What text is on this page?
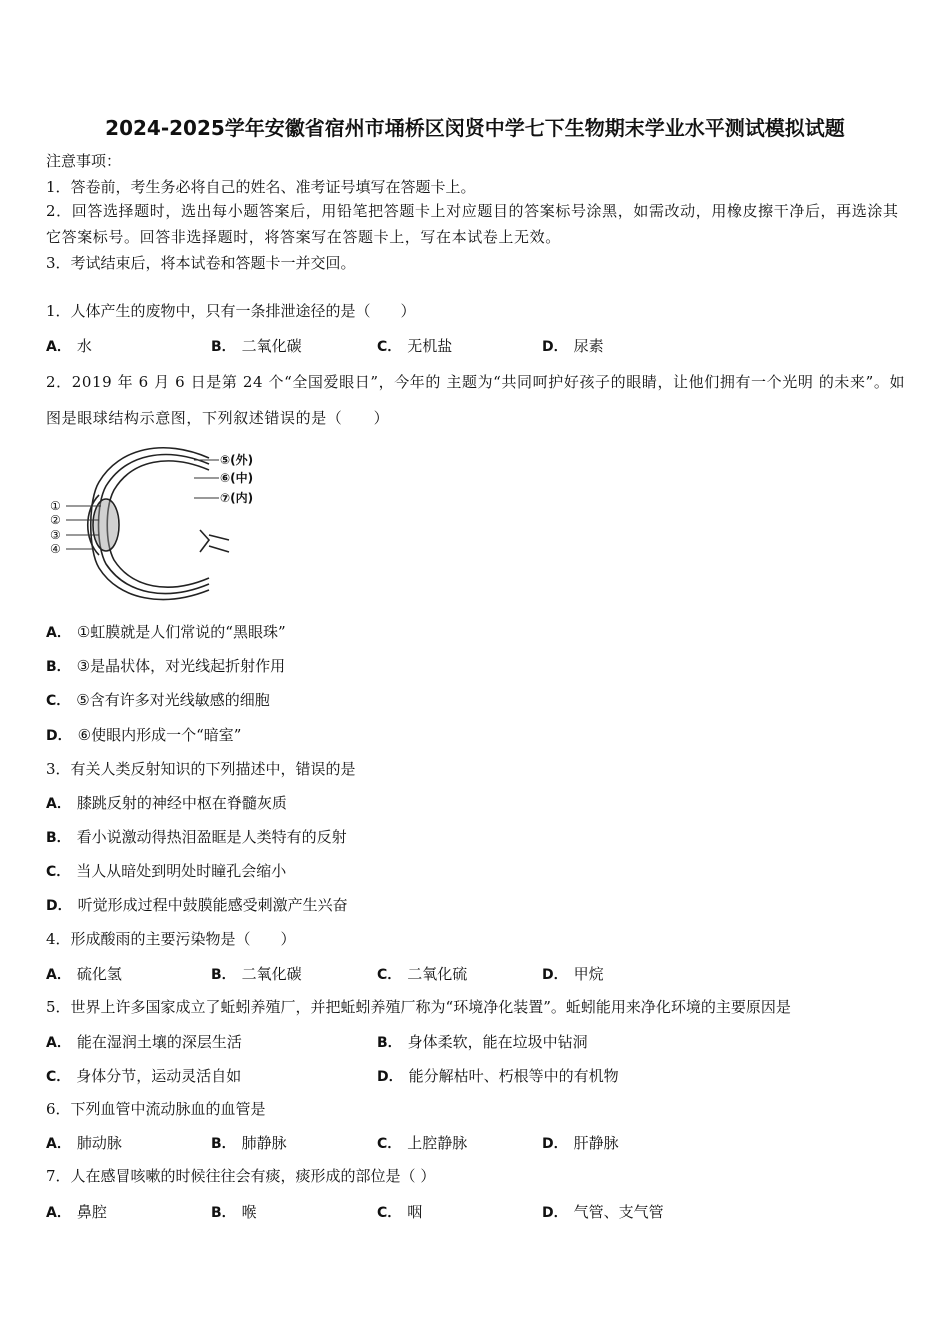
2024-2025学年安徽省宿州市埇桥区闵贤中学七下生物期末学业水平测试模拟试题
注意事项：
1．答卷前，考生务必将自己的姓名、准考证号填写在答题卡上。
2．回答选择题时，选出每小题答案后，用铅笔把答题卡上对应题目的答案标号涂黑，如需改动，用橡皮擦干净后，再选涂其它答案标号。回答非选择题时，将答案写在答题卡上，写在本试卷上无效。
3．考试结束后，将本试卷和答题卡一并交回。
1．人体产生的废物中，只有一条排泄途径的是（　　）
A． 水	B． 二氧化碳	C． 无机盐	D． 尿素
2．2019 年 6 月 6 日是第 24 个“全国爱眼日”，今年的 主题为“共同呵护好孩子的眼睛，让他们拥有一个光明 的未来”。如图是眼球结构示意图，下列叙述错误的是（　　）
①
②
③
④
⑤(外)
⑥(中)
⑦(内)
A． ①虹膜就是人们常说的“黑眼珠”
B． ③是晶状体，对光线起折射作用
C． ⑤含有许多对光线敏感的细胞
D． ⑥使眼内形成一个“暗室”
3．有关人类反射知识的下列描述中，错误的是
A． 膝跳反射的神经中枢在脊髓灰质
B． 看小说激动得热泪盈眶是人类特有的反射
C． 当人从暗处到明处时瞳孔会缩小
D． 听觉形成过程中鼓膜能感受刺激产生兴奋
4．形成酸雨的主要污染物是（　　）
A． 硫化氢	B． 二氧化碳	C． 二氧化硫	D． 甲烷
5．世界上许多国家成立了蚯蚓养殖厂，并把蚯蚓养殖厂称为“环境净化装置”。蚯蚓能用来净化环境的主要原因是
A． 能在湿润土壤的深层生活	B． 身体柔软，能在垃圾中钻洞
C． 身体分节，运动灵活自如	D． 能分解枯叶、朽根等中的有机物
6．下列血管中流动脉血的血管是
A． 肺动脉	B． 肺静脉	C． 上腔静脉	D． 肝静脉
7．人在感冒咳嗽的时候往往会有痰，痰形成的部位是（ ）
A． 鼻腔	B． 喉	C． 咽	D． 气管、支气管
